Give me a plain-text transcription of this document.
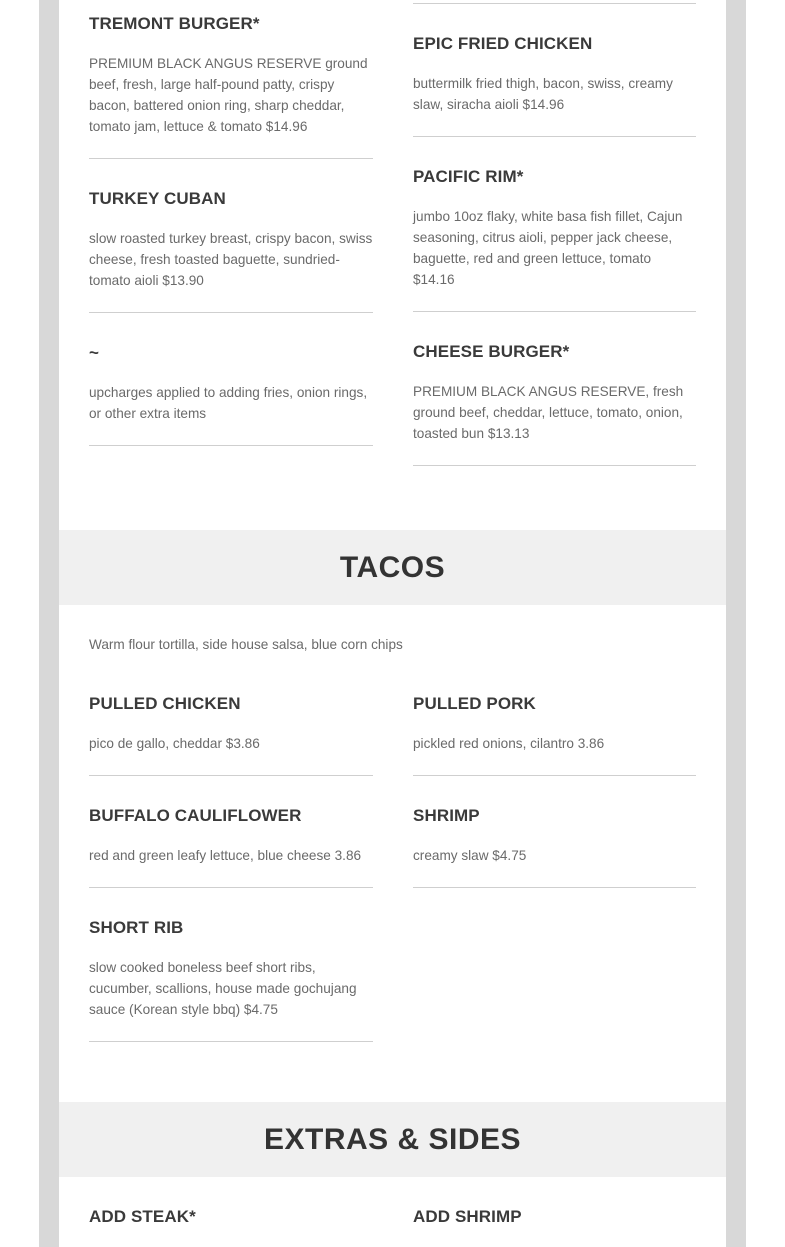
TREMONT BURGER*
PREMIUM BLACK ANGUS RESERVE ground beef, fresh, large half-pound patty, crispy bacon, battered onion ring, sharp cheddar, tomato jam, lettuce & tomato $14.96
TURKEY CUBAN
slow roasted turkey breast, crispy bacon, swiss cheese, fresh toasted baguette, sundried-tomato aioli $13.90
~
upcharges applied to adding fries, onion rings, or other extra items
EPIC FRIED CHICKEN
buttermilk fried thigh, bacon, swiss, creamy slaw, siracha aioli $14.96
PACIFIC RIM*
jumbo 10oz flaky, white basa fish fillet, Cajun seasoning, citrus aioli, pepper jack cheese, baguette, red and green lettuce, tomato $14.16
CHEESE BURGER*
PREMIUM BLACK ANGUS RESERVE, fresh ground beef, cheddar, lettuce, tomato, onion, toasted bun $13.13
TACOS
Warm flour tortilla, side house salsa, blue corn chips
PULLED CHICKEN
pico de gallo, cheddar $3.86
BUFFALO CAULIFLOWER
red and green leafy lettuce, blue cheese 3.86
SHORT RIB
slow cooked boneless beef short ribs, cucumber, scallions, house made gochujang sauce (Korean style bbq) $4.75
PULLED PORK
pickled red onions, cilantro 3.86
SHRIMP
creamy slaw $4.75
EXTRAS & SIDES
ADD STEAK*	ADD SHRIMP
